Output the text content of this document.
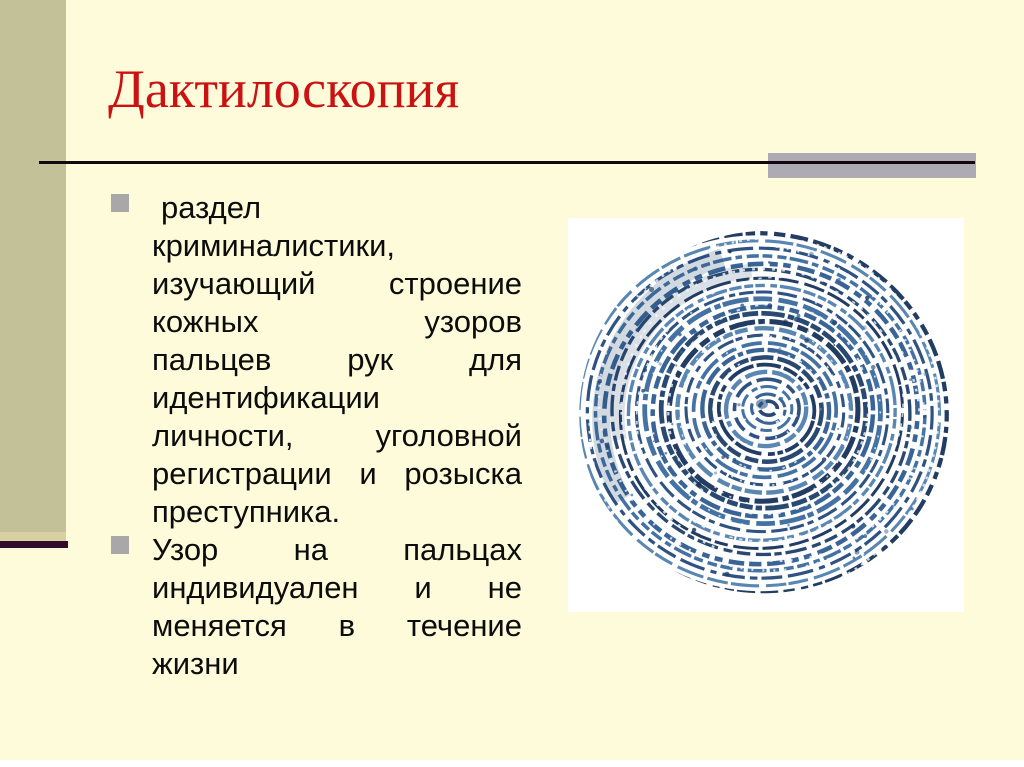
Дактилоскопия
раздел
криминалистики,
изучающий строение
кожных узоров
пальцев рук для
идентификации
личности, уголовной
регистрации и розыска
преступника.
Узор на пальцах
индивидуален и не
меняется в течение
жизни
